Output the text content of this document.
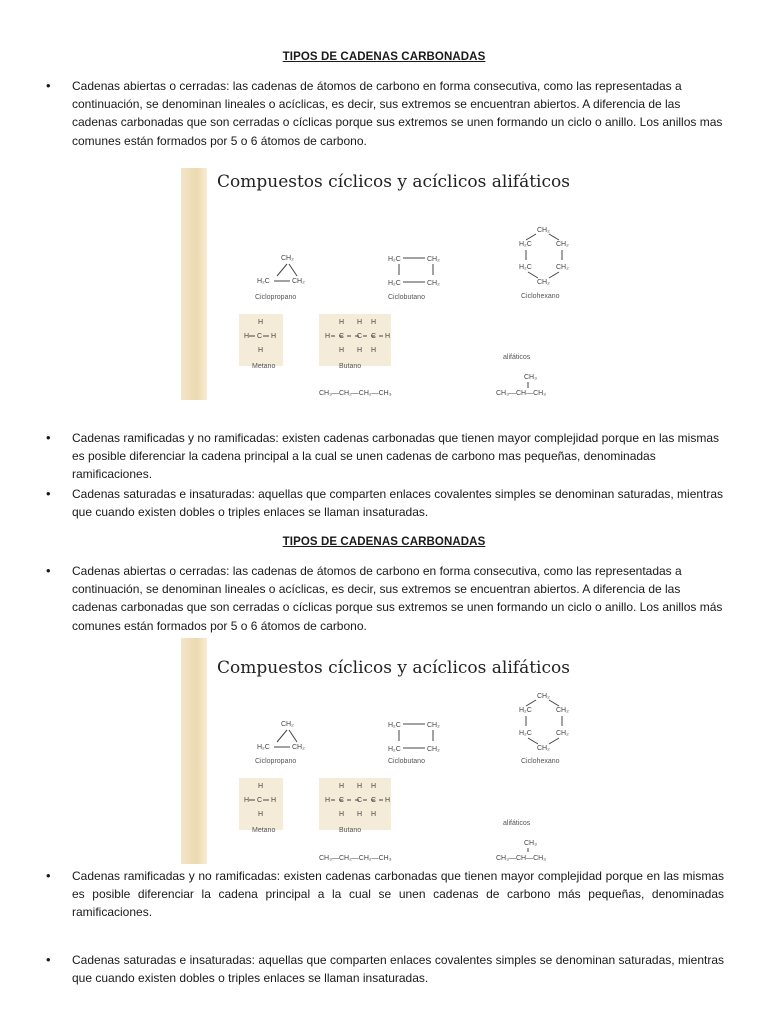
TIPOS DE CADENAS CARBONADAS
• Cadenas abiertas o cerradas: las cadenas de átomos de carbono en forma consecutiva, como las representadas a continuación, se denominan lineales o acíclicas, es decir, sus extremos se encuentran abiertos. A diferencia de las cadenas carbonadas que son cerradas o cíclicas porque sus extremos se unen formando un ciclo o anillo. Los anillos mas comunes están formados por 5 o 6 átomos de carbono.
Compuestos cíclicos y acíclicos alifáticos
CH₂
H₂C	CH₂
Ciclopropano
H₂C	CH₂
H₂C	CH₂
Ciclobutano
CH₂
H₂C	CH₂
H₂C	CH₂
CH₂
Ciclohexano
H
H C H
H
Metano
H H H
H C C C H
H H H
Butano
alifáticos
CH₃
CH₃—CH₂—CH₂—CH₃	CH₃—CH—CH₃
• Cadenas ramificadas y no ramificadas: existen cadenas carbonadas que tienen mayor complejidad porque en las mismas es posible diferenciar la cadena principal a la cual se unen cadenas de carbono mas pequeñas, denominadas ramificaciones.
• Cadenas saturadas e insaturadas: aquellas que comparten enlaces covalentes simples se denominan saturadas, mientras que cuando existen dobles o triples enlaces se llaman insaturadas.
TIPOS DE CADENAS CARBONADAS
• Cadenas abiertas o cerradas: las cadenas de átomos de carbono en forma consecutiva, como las representadas a continuación, se denominan lineales o acíclicas, es decir, sus extremos se encuentran abiertos. A diferencia de las cadenas carbonadas que son cerradas o cíclicas porque sus extremos se unen formando un ciclo o anillo. Los anillos más comunes están formados por 5 o 6 átomos de carbono.
Compuestos cíclicos y acíclicos alifáticos
CH₂
H₂C	CH₂
Ciclopropano
H₂C	CH₂
H₂C	CH₂
Ciclobutano
CH₂
H₂C	CH₂
H₂C	CH₂
CH₂
Ciclohexano
H
H C H
H
Metano
H H H
H C C C H
H H H
Butano
alifáticos
CH₃
CH₃—CH₂—CH₂—CH₃	CH₃—CH—CH₃
• Cadenas ramificadas y no ramificadas: existen cadenas carbonadas que tienen mayor complejidad porque en las mismas es posible diferenciar la cadena principal a la cual se unen cadenas de carbono más pequeñas, denominadas ramificaciones.
• Cadenas saturadas e insaturadas: aquellas que comparten enlaces covalentes simples se denominan saturadas, mientras que cuando existen dobles o triples enlaces se llaman insaturadas.
